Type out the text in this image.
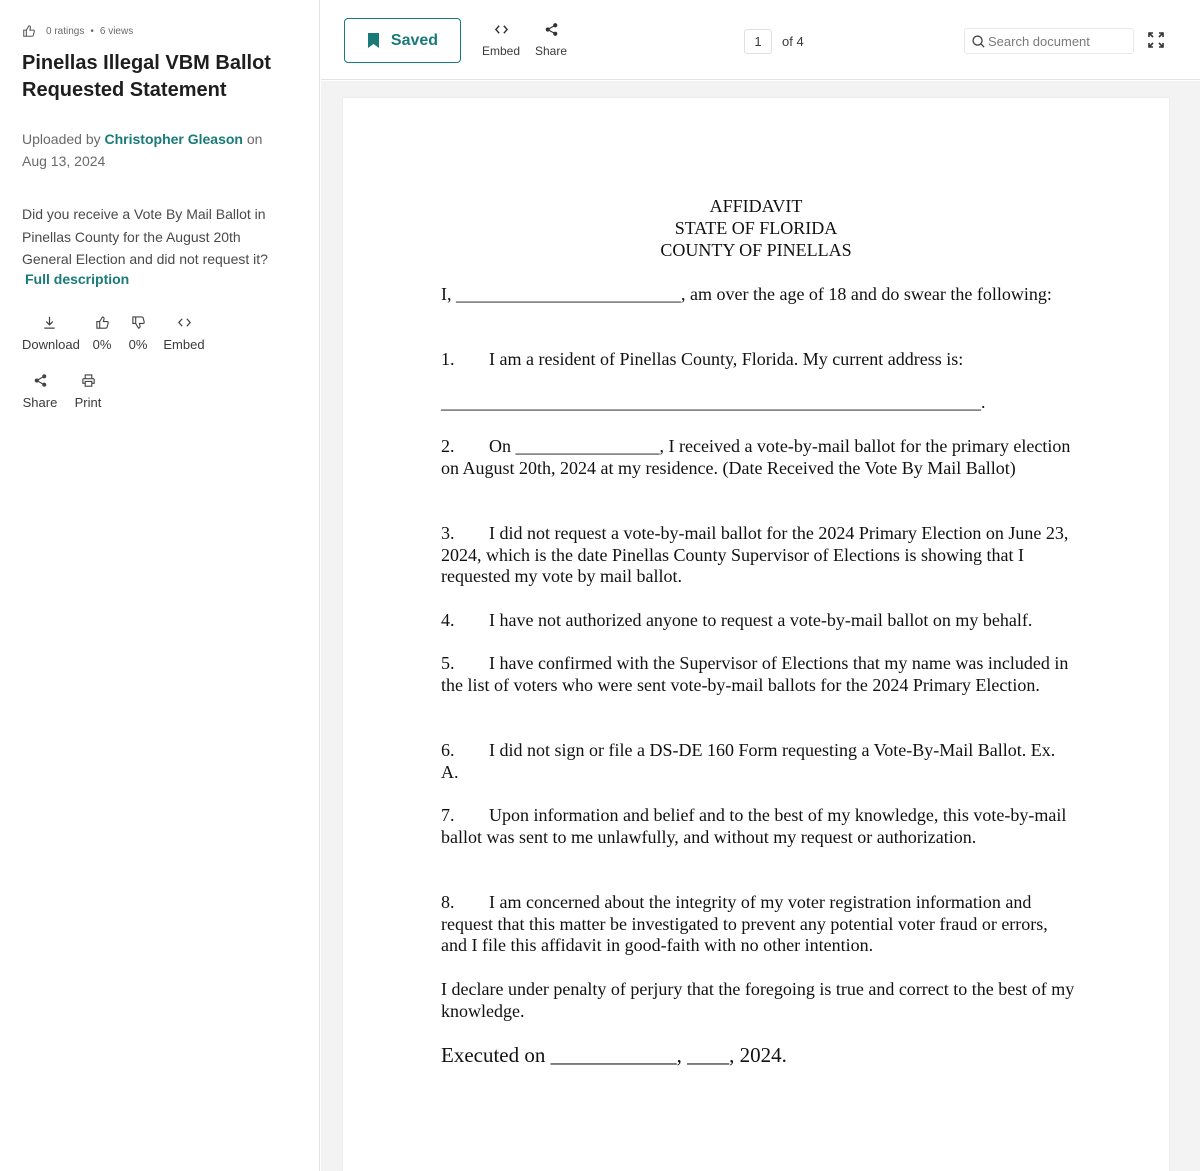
0 ratings • 6 views
Pinellas Illegal VBM Ballot Requested Statement
Uploaded by Christopher Gleason on
Aug 13, 2024
Did you receive a Vote By Mail Ballot in Pinellas County for the August 20th General Election and did not request it?
Full description
Download 0% 0% Embed
Share Print
Saved
Embed Share
1	of 4
Search document
AFFIDAVIT
STATE OF FLORIDA
COUNTY OF PINELLAS
I, _________________________, am over the age of 18 and do swear the following:
1. I am a resident of Pinellas County, Florida. My current address is:
____________________________________________________________.
2. On ________________, I received a vote-by-mail ballot for the primary election on August 20th, 2024 at my residence. (Date Received the Vote By Mail Ballot)
3. I did not request a vote-by-mail ballot for the 2024 Primary Election on June 23, 2024, which is the date Pinellas County Supervisor of Elections is showing that I requested my vote by mail ballot.
4. I have not authorized anyone to request a vote-by-mail ballot on my behalf.
5. I have confirmed with the Supervisor of Elections that my name was included in the list of voters who were sent vote-by-mail ballots for the 2024 Primary Election.
6. I did not sign or file a DS-DE 160 Form requesting a Vote-By-Mail Ballot. Ex. A.
7. Upon information and belief and to the best of my knowledge, this vote-by-mail ballot was sent to me unlawfully, and without my request or authorization.
8. I am concerned about the integrity of my voter registration information and request that this matter be investigated to prevent any potential voter fraud or errors, and I file this affidavit in good-faith with no other intention.
I declare under penalty of perjury that the foregoing is true and correct to the best of my knowledge.
Executed on ____________, ____, 2024.
